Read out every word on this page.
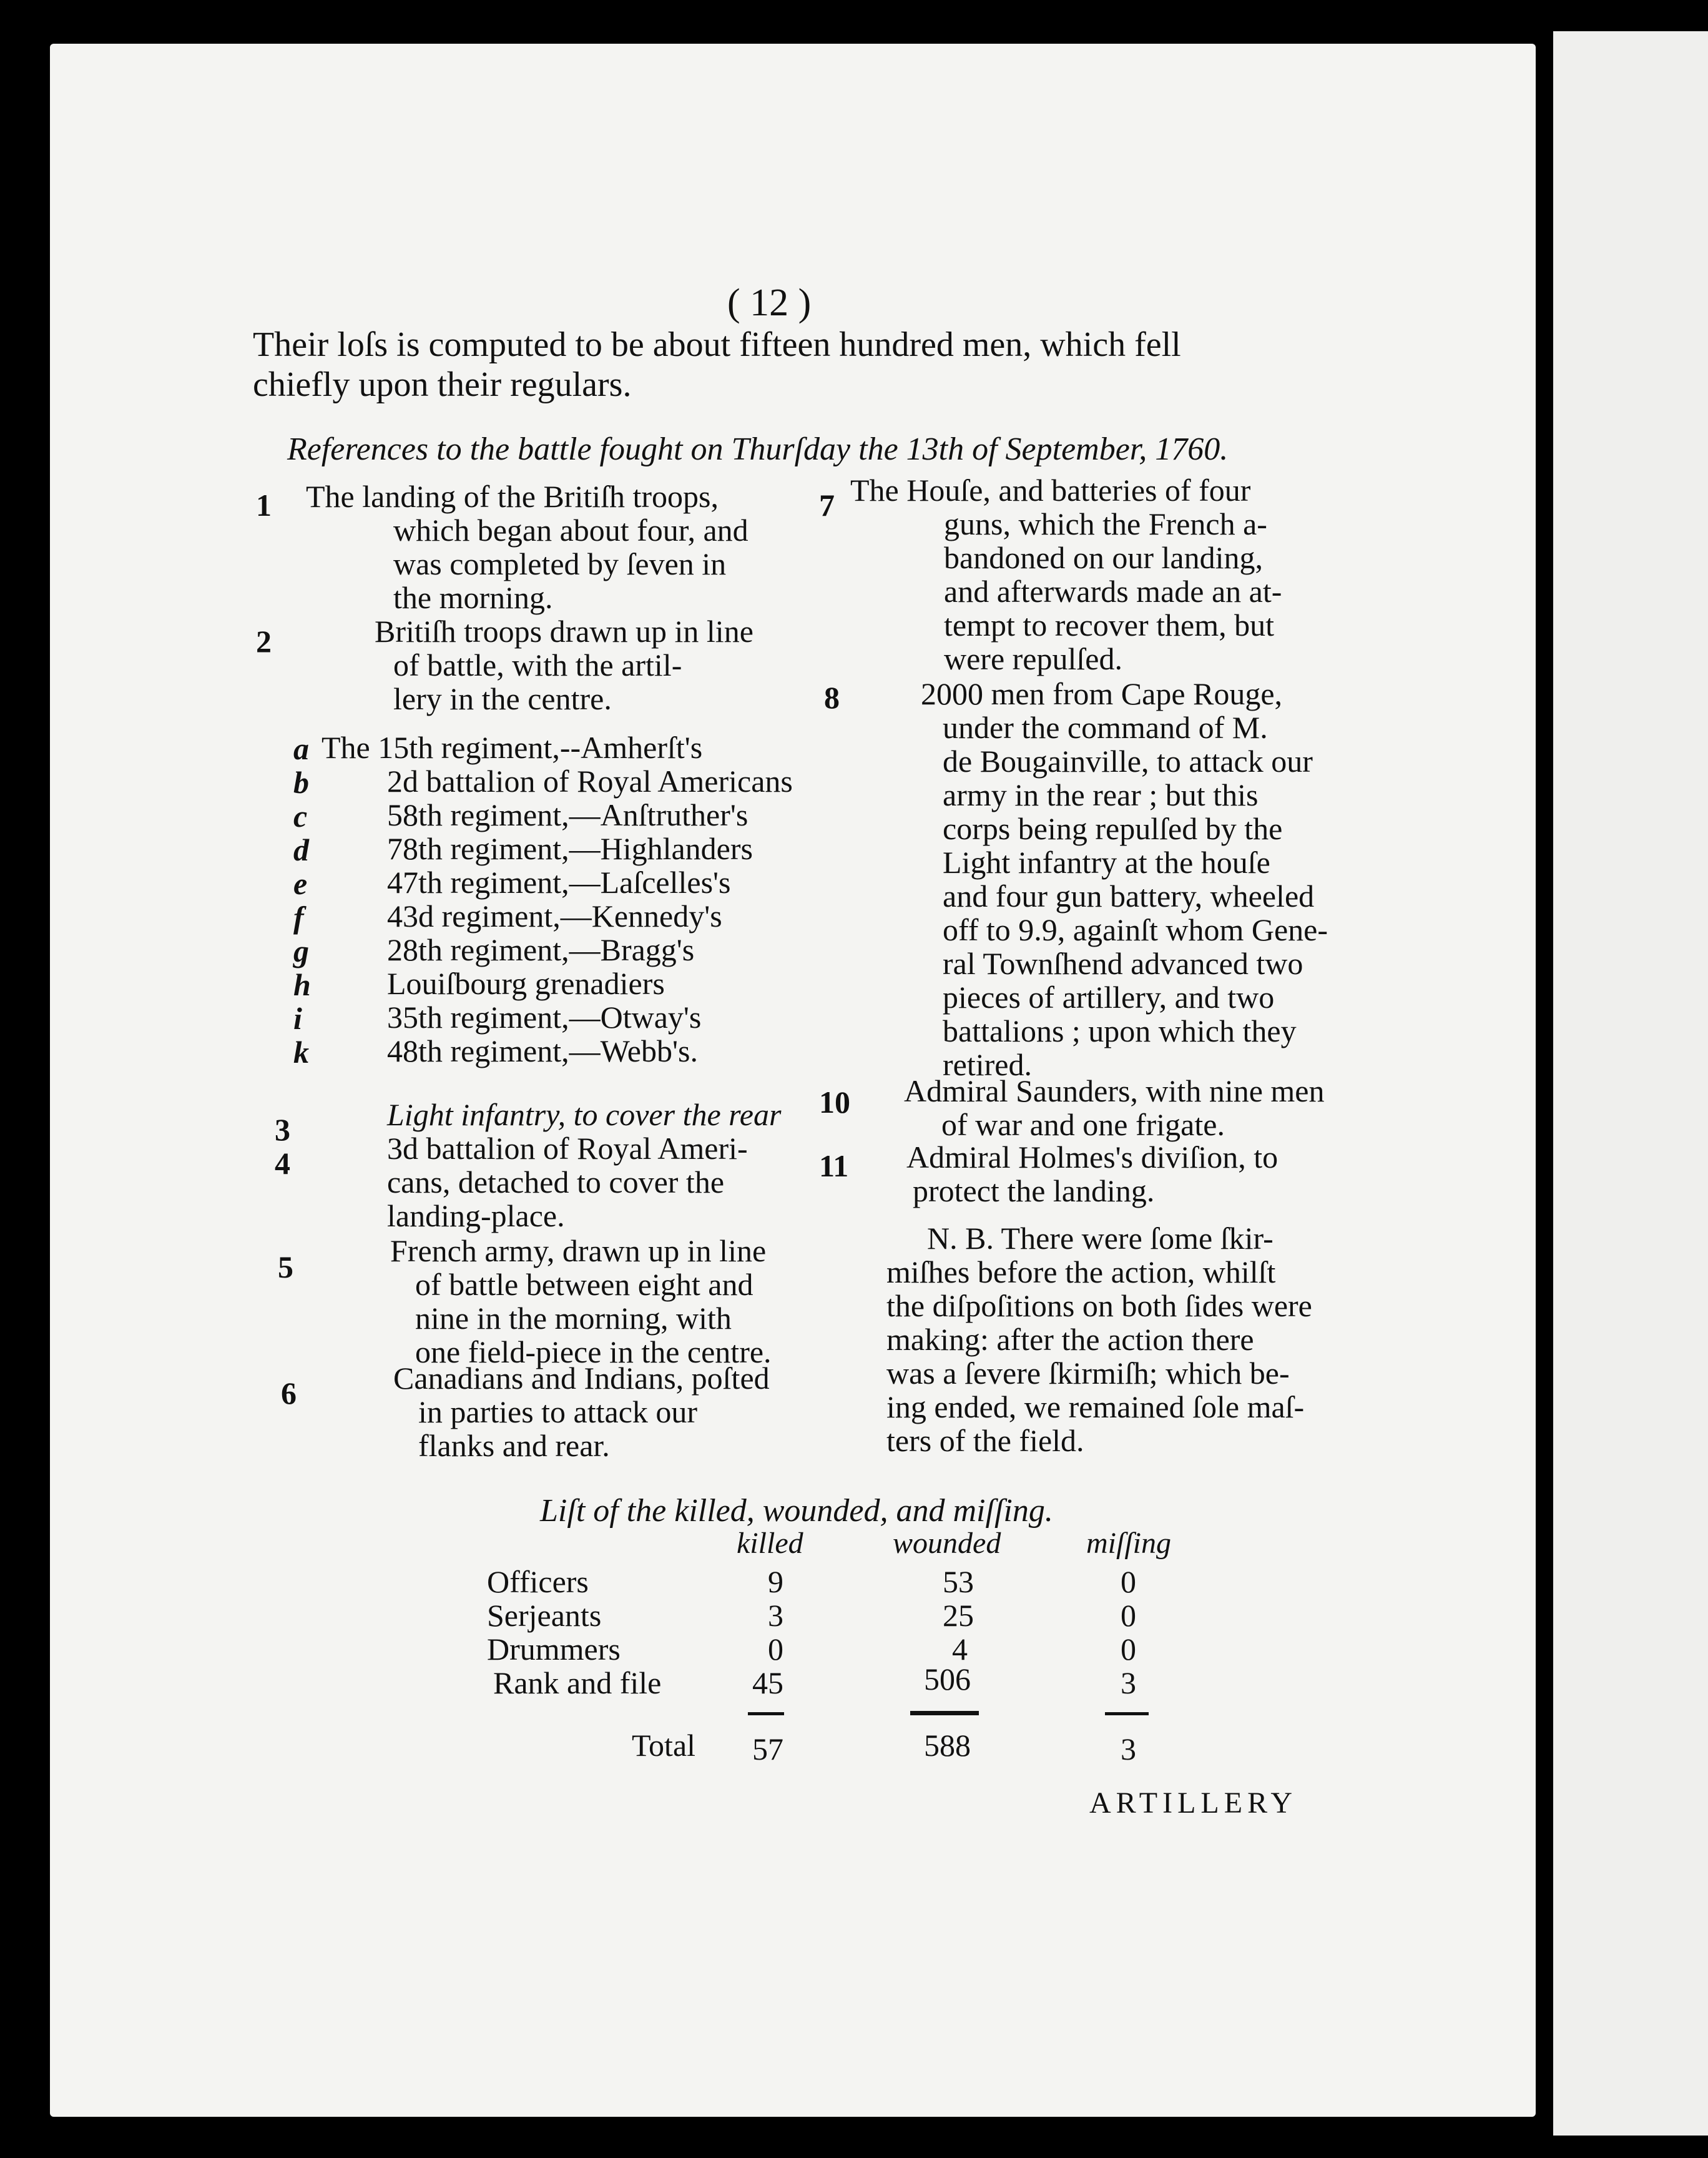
( 12 )
Their loſs is computed to be about fifteen hundred men, which fell
chiefly upon their regulars.
References to the battle fought on Thurſday the 13th of September, 1760.
1 The landing of the Britiſh troops,
which began about four, and
was completed by ſeven in
the morning.
2	Britiſh troops drawn up in line
of battle, with the artil-
lery in the centre.
a The 15th regiment,--Amherſt's
b	2d battalion of Royal Americans
c	58th regiment,—Anſtruther's
d	78th regiment,—Highlanders
e	47th regiment,—Laſcelles's
f	43d regiment,—Kennedy's
g	28th regiment,—Bragg's
h Louiſbourg grenadiers
i	35th regiment,—Otway's
k	48th regiment,—Webb's.
3	Light infantry, to cover the rear
4	3d battalion of Royal Ameri-
cans, detached to cover the
landing-place.
5	French army, drawn up in line
of battle between eight and
nine in the morning, with
one field-piece in the centre.
6	Canadians and Indians, poſted
in parties to attack our
flanks and rear.
7 The Houſe, and batteries of four
guns, which the French a-
bandoned on our landing,
and afterwards made an at-
tempt to recover them, but
were repulſed.
8	2000 men from Cape Rouge,
under the command of M.
de Bougainville, to attack our
army in the rear ; but this
corps being repulſed by the
Light infantry at the houſe
and four gun battery, wheeled
off to 9.9, againſt whom Gene-
ral Townſhend advanced two
pieces of artillery, and two
battalions ; upon which they
retired.
10 Admiral Saunders, with nine men
of war and one frigate.
11 Admiral Holmes's diviſion, to
protect the landing.
N. B. There were ſome ſkir-
miſhes before the action, whilſt
the diſpoſitions on both ſides were
making: after the action there
was a ſevere ſkirmiſh; which be-
ing ended, we remained ſole maſ-
ters of the field.
Liſt of the killed, wounded, and miſſing.
killed	wounded	miſſing
Officers	9	53	0
Serjeants	3	25	0
Drummers	0	4	0
Rank and file	45	506	3
Total 57	588	3
ARTILLERY
